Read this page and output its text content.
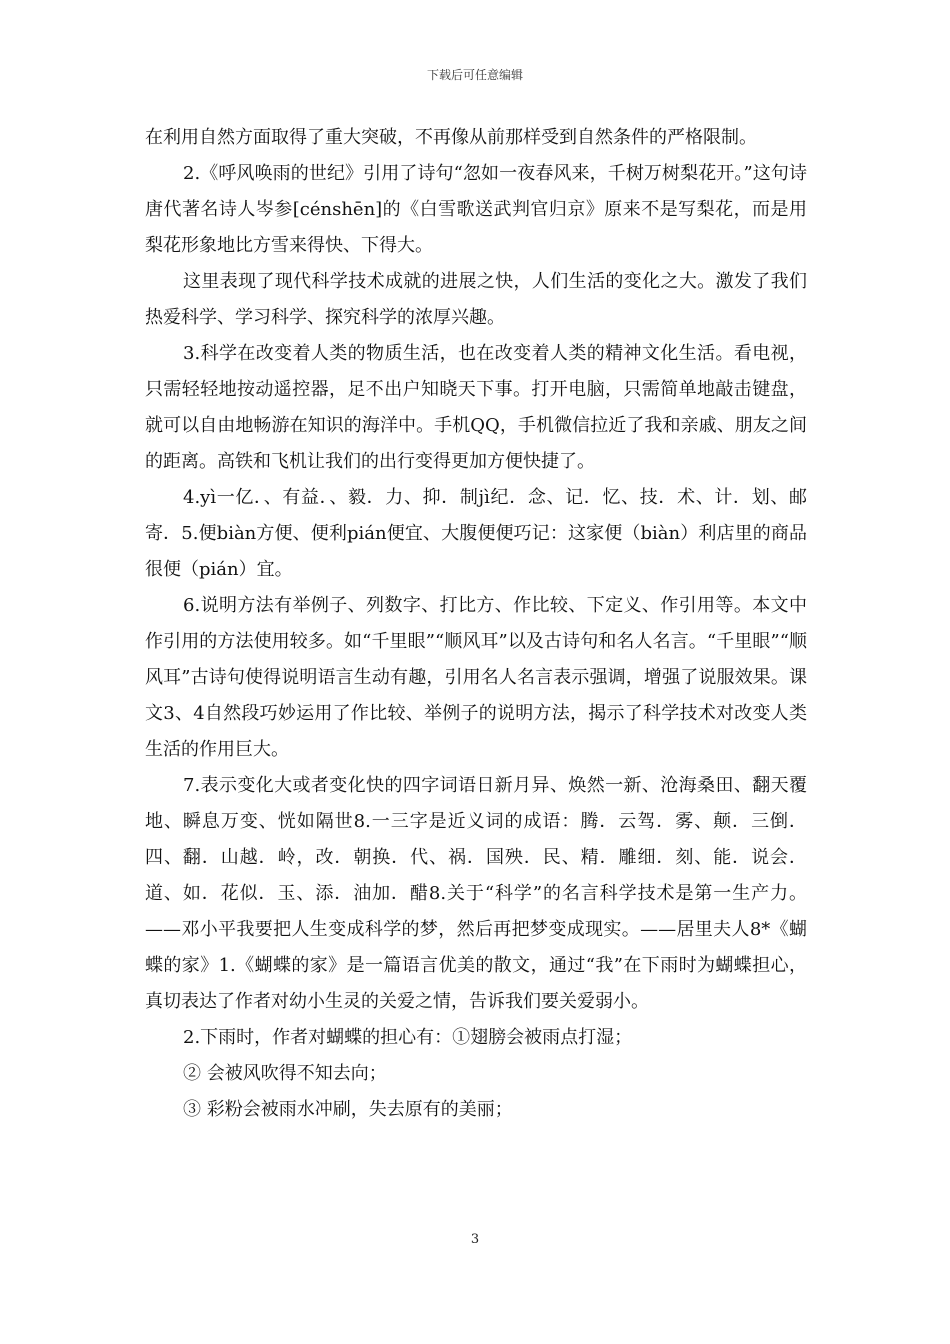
下载后可任意编辑

在利用自然方面取得了重大突破，不再像从前那样受到自然条件的严格限制。

2.《呼风唤雨的世纪》引用了诗句“忽如一夜春风来，千树万树梨花开。”这句诗唐代著名诗人岑参[cénshēn]的《白雪歌送武判官归京》原来不是写梨花，而是用梨花形象地比方雪来得快、下得大。

这里表现了现代科学技术成就的进展之快，人们生活的变化之大。激发了我们热爱科学、学习科学、探究科学的浓厚兴趣。

3.科学在改变着人类的物质生活，也在改变着人类的精神文化生活。看电视，只需轻轻地按动遥控器，足不出户知晓天下事。打开电脑，只需简单地敲击键盘，就可以自由地畅游在知识的海洋中。手机QQ，手机微信拉近了我和亲戚、朋友之间的距离。高铁和飞机让我们的出行变得更加方便快捷了。

4.yì一亿．、有益．、毅．力、抑．制jì纪．念、记．忆、技．术、计．划、邮寄．5.便biàn方便、便利pián便宜、大腹便便巧记：这家便（biàn）利店里的商品很便（pián）宜。

6.说明方法有举例子、列数字、打比方、作比较、下定义、作引用等。本文中作引用的方法使用较多。如“千里眼”“顺风耳”以及古诗句和名人名言。“千里眼”“顺风耳”古诗句使得说明语言生动有趣，引用名人名言表示强调，增强了说服效果。课文3、4自然段巧妙运用了作比较、举例子的说明方法，揭示了科学技术对改变人类生活的作用巨大。

7.表示变化大或者变化快的四字词语日新月异、焕然一新、沧海桑田、翻天覆地、瞬息万变、恍如隔世8.一三字是近义词的成语：腾．云驾．雾、颠．三倒．四、翻．山越．岭，改．朝换．代、祸．国殃．民、精．雕细．刻、能．说会．道、如．花似．玉、添．油加．醋8.关于“科学”的名言科学技术是第一生产力。——邓小平我要把人生变成科学的梦，然后再把梦变成现实。——居里夫人8*《蝴蝶的家》1.《蝴蝶的家》是一篇语言优美的散文，通过“我”在下雨时为蝴蝶担心，真切表达了作者对幼小生灵的关爱之情，告诉我们要关爱弱小。

2.下雨时，作者对蝴蝶的担心有：①翅膀会被雨点打湿；

② 会被风吹得不知去向；

③ 彩粉会被雨水冲刷，失去原有的美丽；

3
